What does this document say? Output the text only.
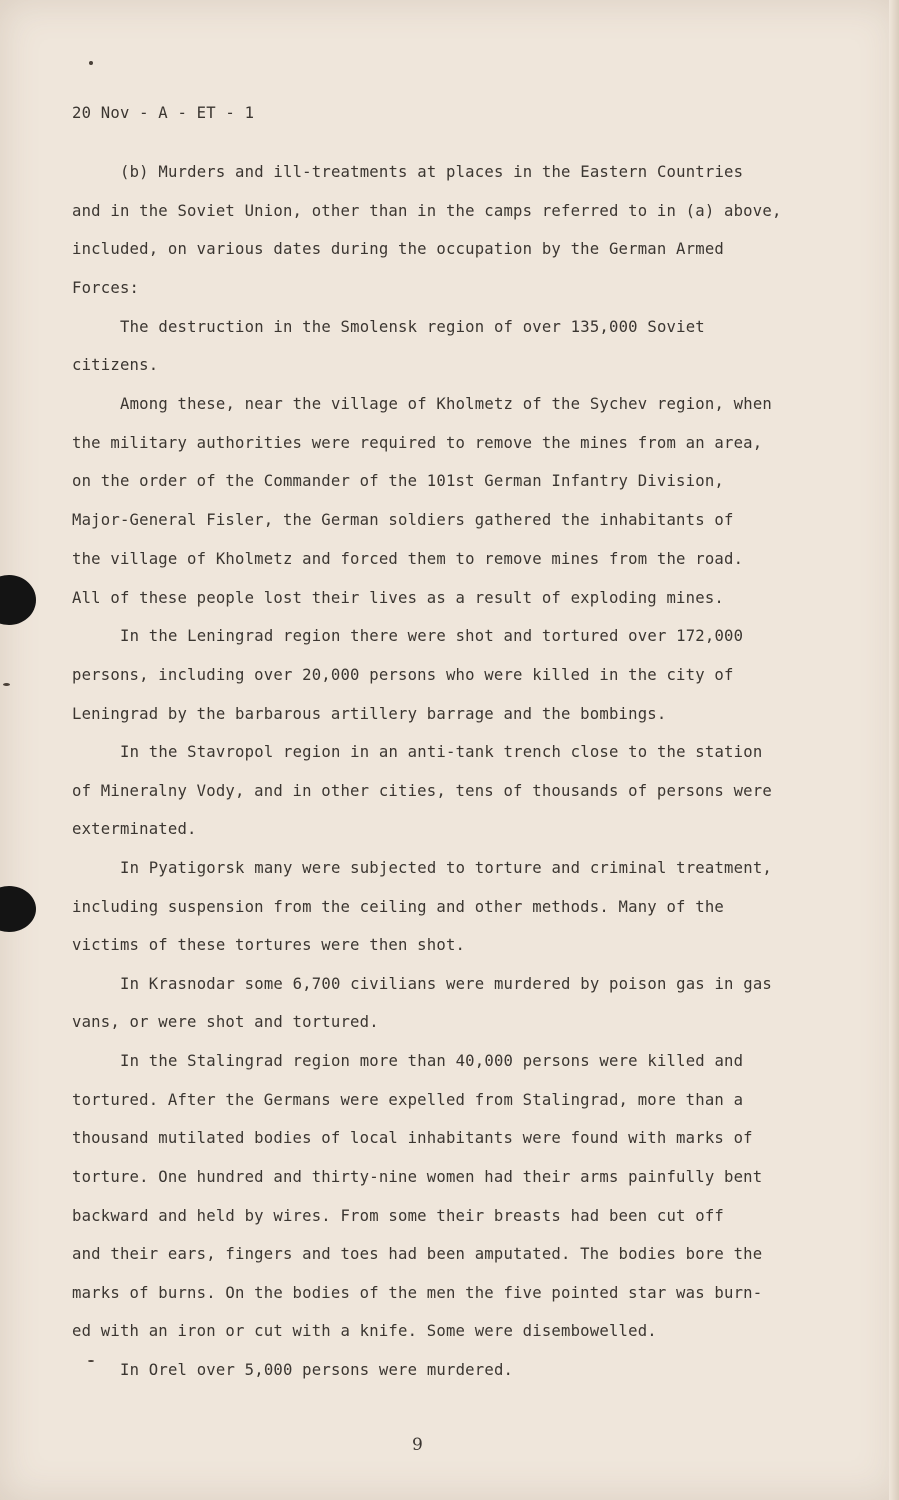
20 Nov - A - ET - 1
(b) Murders and ill-treatments at places in the Eastern Countries
and in the Soviet Union, other than in the camps referred to in (a) above,
included, on various dates during the occupation by the German Armed
Forces:
The destruction in the Smolensk region of over 135,000 Soviet
citizens.
Among these, near the village of Kholmetz of the Sychev region, when
the military authorities were required to remove the mines from an area,
on the order of the Commander of the 101st German Infantry Division,
Major-General Fisler, the German soldiers gathered the inhabitants of
the village of Kholmetz and forced them to remove mines from the road.
All of these people lost their lives as a result of exploding mines.
In the Leningrad region there were shot and tortured over 172,000
persons, including over 20,000 persons who were killed in the city of
Leningrad by the barbarous artillery barrage and the bombings.
In the Stavropol region in an anti-tank trench close to the station
of Mineralny Vody, and in other cities, tens of thousands of persons were
exterminated.
In Pyatigorsk many were subjected to torture and criminal treatment,
including suspension from the ceiling and other methods. Many of the
victims of these tortures were then shot.
In Krasnodar some 6,700 civilians were murdered by poison gas in gas
vans, or were shot and tortured.
In the Stalingrad region more than 40,000 persons were killed and
tortured. After the Germans were expelled from Stalingrad, more than a
thousand mutilated bodies of local inhabitants were found with marks of
torture. One hundred and thirty-nine women had their arms painfully bent
backward and held by wires. From some their breasts had been cut off
and their ears, fingers and toes had been amputated. The bodies bore the
marks of burns. On the bodies of the men the five pointed star was burn-
ed with an iron or cut with a knife. Some were disembowelled.
In Orel over 5,000 persons were murdered.
9
